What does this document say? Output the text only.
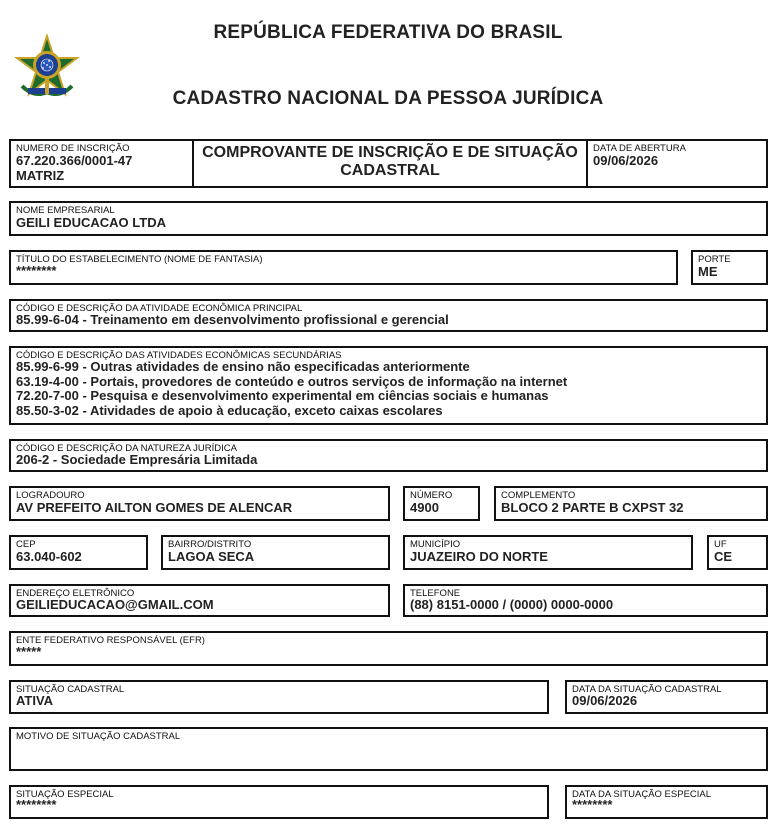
REPÚBLICA FEDERATIVA DO BRASIL
CADASTRO NACIONAL DA PESSOA JURÍDICA
NUMERO DE INSCRIÇÃO
67.220.366/0001-47
MATRIZ
COMPROVANTE DE INSCRIÇÃO E DE SITUAÇÃO
CADASTRAL
DATA DE ABERTURA
09/06/2026
NOME EMPRESARIAL
GEILI EDUCACAO LTDA
TÍTULO DO ESTABELECIMENTO (NOME DE FANTASIA)
********
PORTE
ME
CÓDIGO E DESCRIÇÃO DA ATIVIDADE ECONÔMICA PRINCIPAL
85.99-6-04 - Treinamento em desenvolvimento profissional e gerencial
CÓDIGO E DESCRIÇÃO DAS ATIVIDADES ECONÔMICAS SECUNDÁRIAS
85.99-6-99 - Outras atividades de ensino não especificadas anteriormente
63.19-4-00 - Portais, provedores de conteúdo e outros serviços de informação na internet
72.20-7-00 - Pesquisa e desenvolvimento experimental em ciências sociais e humanas
85.50-3-02 - Atividades de apoio à educação, exceto caixas escolares
CÓDIGO E DESCRIÇÃO DA NATUREZA JURÍDICA
206-2 - Sociedade Empresária Limitada
LOGRADOURO
AV PREFEITO AILTON GOMES DE ALENCAR
NÚMERO
4900
COMPLEMENTO
BLOCO 2 PARTE B CXPST 32
CEP
63.040-602
BAIRRO/DISTRITO
LAGOA SECA
MUNICÍPIO
JUAZEIRO DO NORTE
UF
CE
ENDEREÇO ELETRÔNICO
GEILIEDUCACAO@GMAIL.COM
TELEFONE
(88) 8151-0000 / (0000) 0000-0000
ENTE FEDERATIVO RESPONSÁVEL (EFR)
*****
SITUAÇÃO CADASTRAL
ATIVA
DATA DA SITUAÇÃO CADASTRAL
09/06/2026
MOTIVO DE SITUAÇÃO CADASTRAL
SITUAÇÃO ESPECIAL
********
DATA DA SITUAÇÃO ESPECIAL
********
